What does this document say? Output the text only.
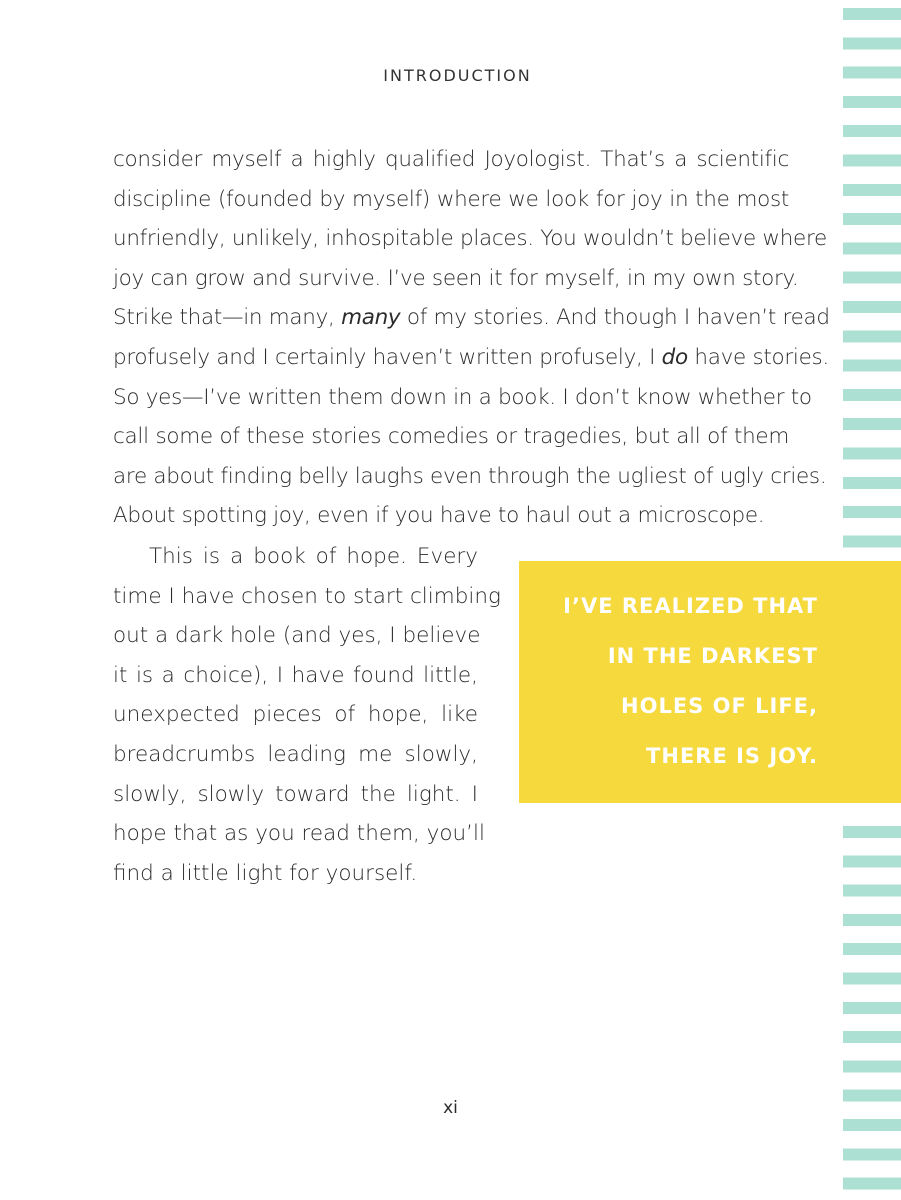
INTRODUCTION
consider myself a highly qualified Joyologist. That’s a scientific
discipline (founded by myself) where we look for joy in the most
unfriendly, unlikely, inhospitable places. You wouldn’t believe where
joy can grow and survive. I’ve seen it for myself, in my own story.
Strike that—in many, many of my stories. And though I haven’t read
profusely and I certainly haven’t written profusely, I do have stories.
So yes—I’ve written them down in a book. I don’t know whether to
call some of these stories comedies or tragedies, but all of them
are about finding belly laughs even through the ugliest of ugly cries.
About spotting joy, even if you have to haul out a microscope.
This is a book of hope. Every
time I have chosen to start climbing
out a dark hole (and yes, I believe
it is a choice), I have found little,
unexpected pieces of hope, like
breadcrumbs leading me slowly,
slowly, slowly toward the light. I
hope that as you read them, you’ll
find a little light for yourself.
I’VE REALIZED THAT
IN THE DARKEST
HOLES OF LIFE,
THERE IS JOY.
xi
